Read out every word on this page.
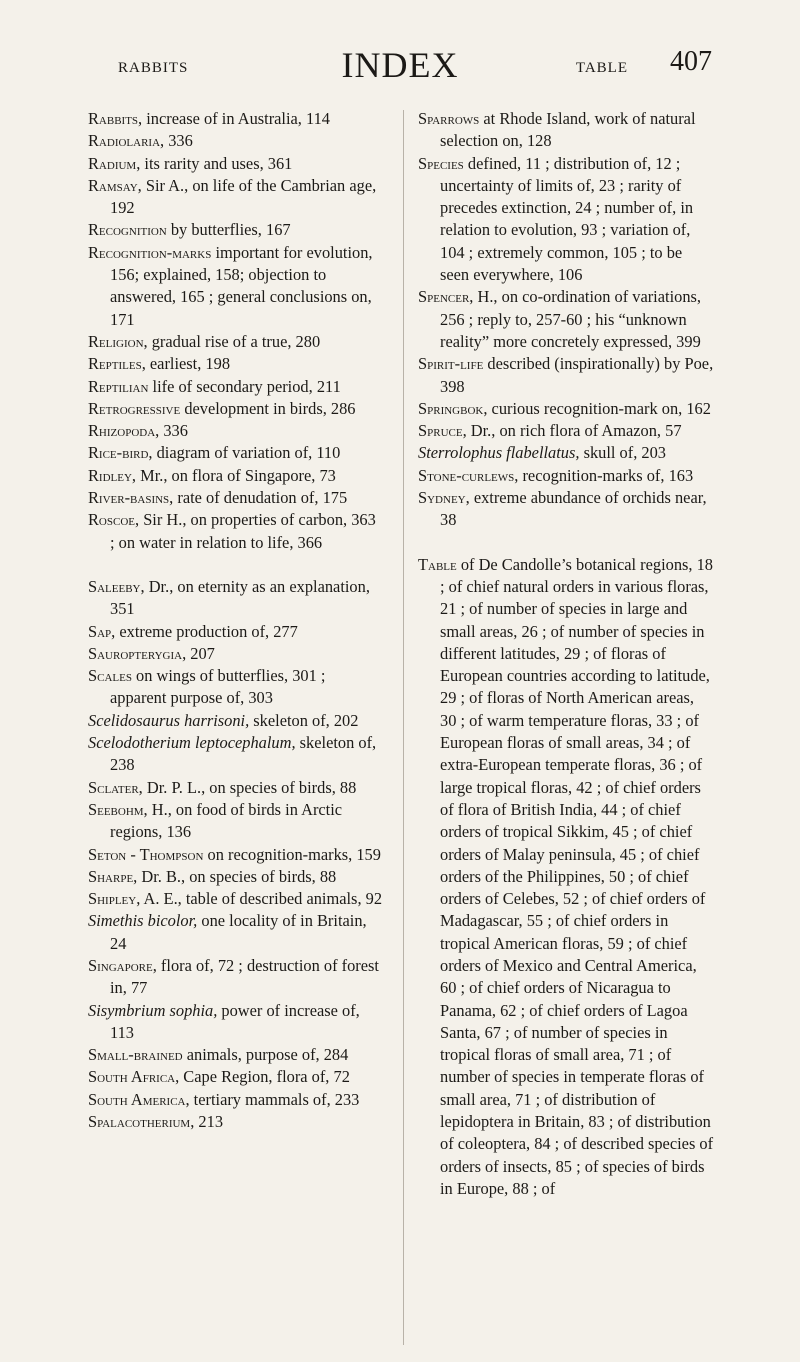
RABBITS	INDEX	TABLE 407

Rabbits, increase of in Australia, 114

Radiolaria, 336

Radium, its rarity and uses, 361

Ramsay, Sir A., on life of the Cambrian age, 192

Recognition by butterflies, 167

Recognition-marks important for evolution, 156; explained, 158; objection to answered, 165 ; general conclusions on, 171

Religion, gradual rise of a true, 280

Reptiles, earliest, 198

Reptilian life of secondary period, 211

Retrogressive development in birds, 286

Rhizopoda, 336

Rice-bird, diagram of variation of, 110

Ridley, Mr., on flora of Singapore, 73

River-basins, rate of denudation of, 175

Roscoe, Sir H., on properties of carbon, 363 ; on water in relation to life, 366

Saleeby, Dr., on eternity as an explanation, 351

Sap, extreme production of, 277

Sauropterygia, 207

Scales on wings of butterflies, 301 ; apparent purpose of, 303

Scelidosaurus harrisoni, skeleton of, 202

Scelodotherium leptocephalum, skeleton of, 238

Sclater, Dr. P. L., on species of birds, 88

Seebohm, H., on food of birds in Arctic regions, 136

Seton - Thompson on recognition-marks, 159

Sharpe, Dr. B., on species of birds, 88

Shipley, A. E., table of described animals, 92

Simethis bicolor, one locality of in Britain, 24

Singapore, flora of, 72 ; destruction of forest in, 77

Sisymbrium sophia, power of increase of, 113

Small-brained animals, purpose of, 284

South Africa, Cape Region, flora of, 72

South America, tertiary mammals of, 233

Spalacotherium, 213

Sparrows at Rhode Island, work of natural selection on, 128

Species defined, 11 ; distribution of, 12 ; uncertainty of limits of, 23 ; rarity of precedes extinction, 24 ; number of, in relation to evolution, 93 ; variation of, 104 ; extremely common, 105 ; to be seen everywhere, 106

Spencer, H., on co-ordination of variations, 256 ; reply to, 257-60 ; his “unknown reality” more concretely expressed, 399

Spirit-life described (inspirationally) by Poe, 398

Springbok, curious recognition-mark on, 162

Spruce, Dr., on rich flora of Amazon, 57

Sterrolophus flabellatus, skull of, 203

Stone-curlews, recognition-marks of, 163

Sydney, extreme abundance of orchids near, 38

Table of De Candolle’s botanical regions, 18 ; of chief natural orders in various floras, 21 ; of number of species in large and small areas, 26 ; of number of species in different latitudes, 29 ; of floras of European countries according to latitude, 29 ; of floras of North American areas, 30 ; of warm temperature floras, 33 ; of European floras of small areas, 34 ; of extra-European temperate floras, 36 ; of large tropical floras, 42 ; of chief orders of flora of British India, 44 ; of chief orders of tropical Sikkim, 45 ; of chief orders of Malay peninsula, 45 ; of chief orders of the Philippines, 50 ; of chief orders of Celebes, 52 ; of chief orders of Madagascar, 55 ; of chief orders in tropical American floras, 59 ; of chief orders of Mexico and Central America, 60 ; of chief orders of Nicaragua to Panama, 62 ; of chief orders of Lagoa Santa, 67 ; of number of species in tropical floras of small area, 71 ; of number of species in temperate floras of small area, 71 ; of distribution of lepidoptera in Britain, 83 ; of distribution of coleoptera, 84 ; of described species of orders of insects, 85 ; of species of birds in Europe, 88 ; of
